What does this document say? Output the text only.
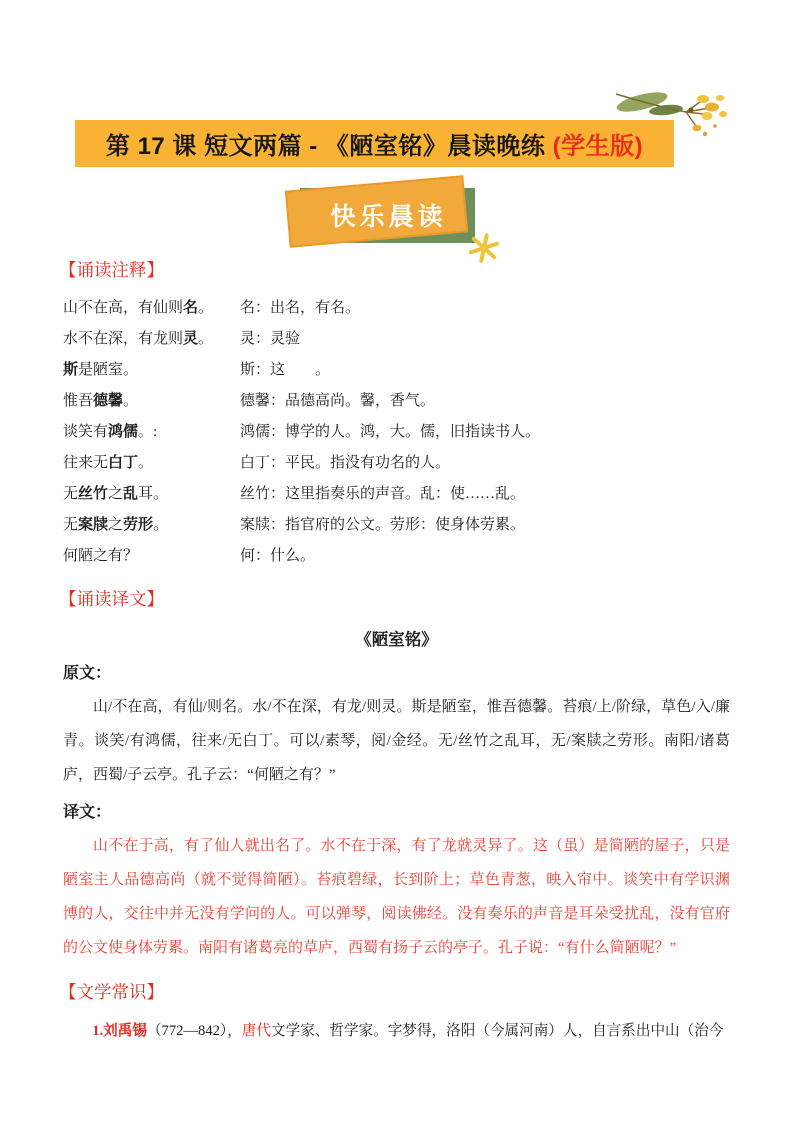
第 17 课 短文两篇 - 《陋室铭》晨读晚练 (学生版)
快乐晨读
【诵读注释】
山不在高，有仙则名。	名：出名，有名。
水不在深，有龙则灵。	灵：灵验
斯是陋室。	斯：这　　。
惟吾德馨。	德馨：品德高尚。馨，香气。
谈笑有鸿儒。:	鸿儒：博学的人。鸿，大。儒，旧指读书人。
往来无白丁。	白丁：平民。指没有功名的人。
无丝竹之乱耳。	丝竹：这里指奏乐的声音。乱：使……乱。
无案牍之劳形。	案牍：指官府的公文。劳形：使身体劳累。
何陋之有？	何：什么。
【诵读译文】
《陋室铭》
原文：
山/不在高，有仙/则名。水/不在深，有龙/则灵。斯是陋室，惟吾德馨。苔痕/上/阶绿，草色/入/廉青。谈笑/有鸿儒，往来/无白丁。可以/素琴，阅/金经。无/丝竹之乱耳，无/案牍之劳形。南阳/诸葛庐，西蜀/子云亭。孔子云：“何陋之有？”
译文：
山不在于高，有了仙人就出名了。水不在于深，有了龙就灵异了。这（虽）是简陋的屋子，只是陋室主人品德高尚（就不觉得简陋）。苔痕碧绿，长到阶上；草色青葱，映入帘中。谈笑中有学识渊博的人，交往中并无没有学问的人。可以弹琴，阅读佛经。没有奏乐的声音是耳朵受扰乱，没有官府的公文使身体劳累。南阳有诸葛亮的草庐，西蜀有扬子云的亭子。孔子说：“有什么简陋呢？”
【文学常识】
1.刘禹锡（772—842），唐代文学家、哲学家。字梦得，洛阳（今属河南）人，自言系出中山（治今
